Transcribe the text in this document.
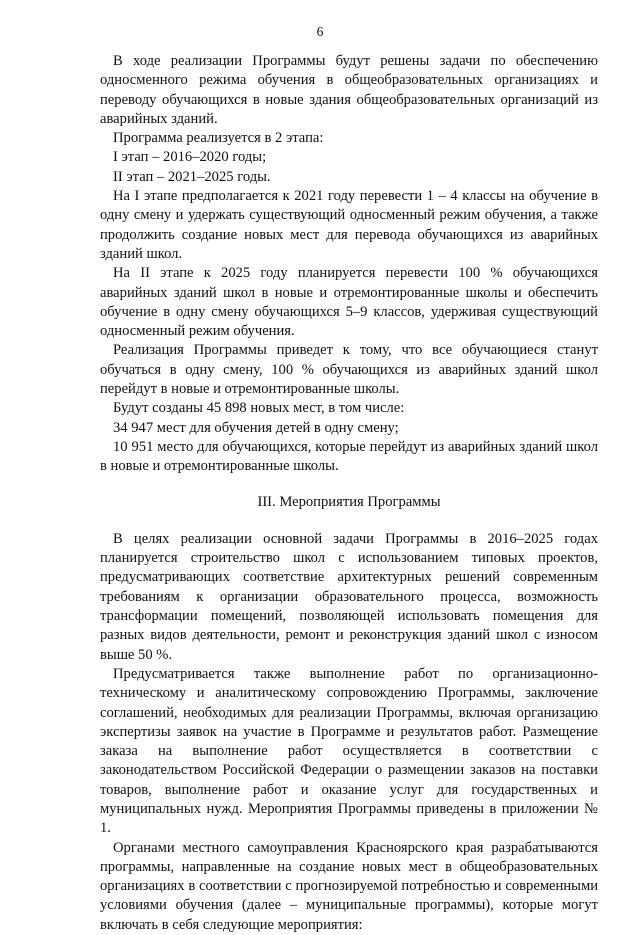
6

В ходе реализации Программы будут решены задачи по обеспечению односменного режима обучения в общеобразовательных организациях и переводу обучающихся в новые здания общеобразовательных организаций из аварийных зданий.

Программа реализуется в 2 этапа:

I этап – 2016–2020 годы;

II этап – 2021–2025 годы.

На I этапе предполагается к 2021 году перевести 1 – 4 классы на обучение в одну смену и удержать существующий односменный режим обучения, а также продолжить создание новых мест для перевода обучающихся из аварийных зданий школ.

На II этапе к 2025 году планируется перевести 100 % обучающихся аварийных зданий школ в новые и отремонтированные школы и обеспечить обучение в одну смену обучающихся 5–9 классов, удерживая существующий односменный режим обучения.

Реализация Программы приведет к тому, что все обучающиеся станут обучаться в одну смену, 100 % обучающихся из аварийных зданий школ перейдут в новые и отремонтированные школы.

Будут созданы 45 898 новых мест, в том числе:

34 947 мест для обучения детей в одну смену;

10 951 место для обучающихся, которые перейдут из аварийных зданий школ в новые и отремонтированные школы.

III. Мероприятия Программы

В целях реализации основной задачи Программы в 2016–2025 годах планируется строительство школ с использованием типовых проектов, предусматривающих соответствие архитектурных решений современным требованиям к организации образовательного процесса, возможность трансформации помещений, позволяющей использовать помещения для разных видов деятельности, ремонт и реконструкция зданий школ с износом выше 50 %.

Предусматривается также выполнение работ по организационно-техническому и аналитическому сопровождению Программы, заключение соглашений, необходимых для реализации Программы, включая организацию экспертизы заявок на участие в Программе и результатов работ. Размещение заказа на выполнение работ осуществляется в соответствии с законодательством Российской Федерации о размещении заказов на поставки товаров, выполнение работ и оказание услуг для государственных и муниципальных нужд. Мероприятия Программы приведены в приложении № 1.

Органами местного самоуправления Красноярского края разрабатываются программы, направленные на создание новых мест в общеобразовательных организациях в соответствии с прогнозируемой потребностью и современными условиями обучения (далее – муниципальные программы), которые могут включать в себя следующие мероприятия:
